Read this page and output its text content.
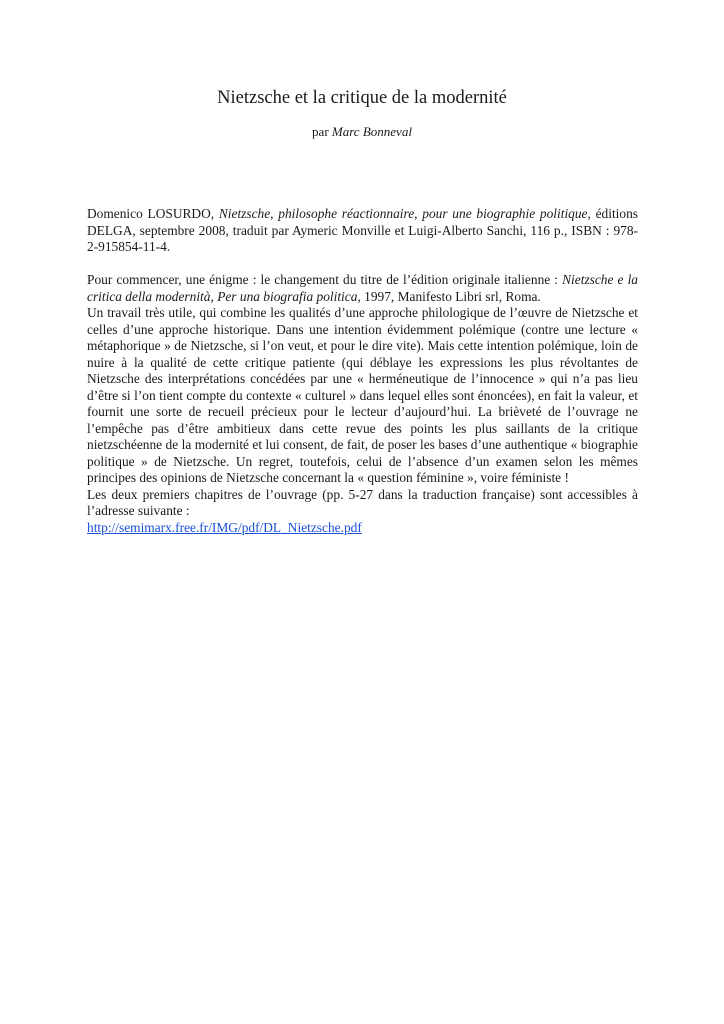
Nietzsche et la critique de la modernité

par Marc Bonneval

Domenico LOSURDO, Nietzsche, philosophe réactionnaire, pour une biographie politique, éditions DELGA, septembre 2008, traduit par Aymeric Monville et Luigi-Alberto Sanchi, 116 p., ISBN : 978-2-915854-11-4.

Pour commencer, une énigme : le changement du titre de l’édition originale italienne : Nietzsche e la critica della modernità, Per una biografia politica, 1997, Manifesto Libri srl, Roma.

Un travail très utile, qui combine les qualités d’une approche philologique de l’œuvre de Nietzsche et celles d’une approche historique. Dans une intention évidemment polémique (contre une lecture « métaphorique » de Nietzsche, si l’on veut, et pour le dire vite). Mais cette intention polémique, loin de nuire à la qualité de cette critique patiente (qui déblaye les expressions les plus révoltantes de Nietzsche des interprétations concédées par une « herméneutique de l’innocence » qui n’a pas lieu d’être si l’on tient compte du contexte « culturel » dans lequel elles sont énoncées), en fait la valeur, et fournit une sorte de recueil précieux pour le lecteur d’aujourd’hui. La brièveté de l’ouvrage ne l’empêche pas d’être ambitieux dans cette revue des points les plus saillants de la critique nietzschéenne de la modernité et lui consent, de fait, de poser les bases d’une authentique « biographie politique » de Nietzsche. Un regret, toutefois, celui de l’absence d’un examen selon les mêmes principes des opinions de Nietzsche concernant la « question féminine », voire féministe !

Les deux premiers chapitres de l’ouvrage (pp. 5-27 dans la traduction française) sont accessibles à l’adresse suivante :

http://semimarx.free.fr/IMG/pdf/DL_Nietzsche.pdf
